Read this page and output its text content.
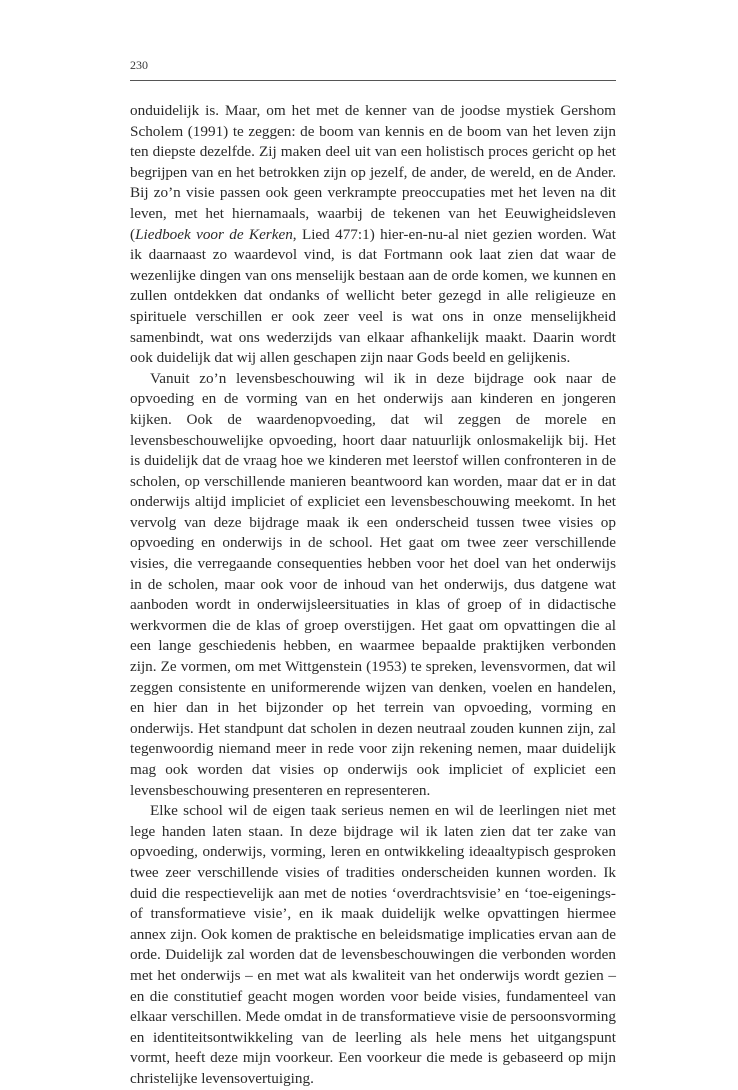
230

onduidelijk is. Maar, om het met de kenner van de joodse mystiek Gershom Scholem (1991) te zeggen: de boom van kennis en de boom van het leven zijn ten diepste dezelfde. Zij maken deel uit van een holistisch proces gericht op het begrijpen van en het betrokken zijn op jezelf, de ander, de wereld, en de Ander. Bij zo’n visie passen ook geen verkrampte preoccupaties met het leven na dit leven, met het hiernamaals, waarbij de tekenen van het Eeuwigheidsleven (Liedboek voor de Kerken, Lied 477:1) hier-en-nu-al niet gezien worden. Wat ik daarnaast zo waardevol vind, is dat Fortmann ook laat zien dat waar de wezenlijke dingen van ons menselijk bestaan aan de orde komen, we kunnen en zullen ontdekken dat ondanks of wellicht beter gezegd in alle religieuze en spirituele verschillen er ook zeer veel is wat ons in onze menselijkheid samenbindt, wat ons wederzijds van elkaar afhankelijk maakt. Daarin wordt ook duidelijk dat wij allen geschapen zijn naar Gods beeld en gelijkenis.

Vanuit zo’n levensbeschouwing wil ik in deze bijdrage ook naar de opvoeding en de vorming van en het onderwijs aan kinderen en jongeren kijken. Ook de waardenopvoeding, dat wil zeggen de morele en levensbeschouwelijke opvoeding, hoort daar natuurlijk onlosmakelijk bij. Het is duidelijk dat de vraag hoe we kinderen met leerstof willen confronteren in de scholen, op verschillende manieren beantwoord kan worden, maar dat er in dat onderwijs altijd impliciet of expliciet een levensbeschouwing meekomt. In het vervolg van deze bijdrage maak ik een onderscheid tussen twee visies op opvoeding en onderwijs in de school. Het gaat om twee zeer verschillende visies, die verregaande consequenties hebben voor het doel van het onderwijs in de scholen, maar ook voor de inhoud van het onderwijs, dus datgene wat aanboden wordt in onderwijsleersituaties in klas of groep of in didactische werkvormen die de klas of groep overstijgen. Het gaat om opvattingen die al een lange geschiedenis hebben, en waarmee bepaalde praktijken verbonden zijn. Ze vormen, om met Wittgenstein (1953) te spreken, levensvormen, dat wil zeggen consistente en uniformerende wijzen van denken, voelen en handelen, en hier dan in het bijzonder op het terrein van opvoeding, vorming en onderwijs. Het standpunt dat scholen in dezen neutraal zouden kunnen zijn, zal tegenwoordig niemand meer in rede voor zijn rekening nemen, maar duidelijk mag ook worden dat visies op onderwijs ook impliciet of expliciet een levensbeschouwing presenteren en representeren.

Elke school wil de eigen taak serieus nemen en wil de leerlingen niet met lege handen laten staan. In deze bijdrage wil ik laten zien dat ter zake van opvoeding, onderwijs, vorming, leren en ontwikkeling ideaaltypisch gesproken twee zeer verschillende visies of tradities onderscheiden kunnen worden. Ik duid die respectievelijk aan met de noties ‘overdrachtsvisie’ en ‘toe-eigenings- of transformatieve visie’, en ik maak duidelijk welke opvattingen hiermee annex zijn. Ook komen de praktische en beleidsmatige implicaties ervan aan de orde. Duidelijk zal worden dat de levensbeschouwingen die verbonden worden met het onderwijs – en met wat als kwaliteit van het onderwijs wordt gezien – en die constitutief geacht mogen worden voor beide visies, fundamenteel van elkaar verschillen. Mede omdat in de transformatieve visie de persoonsvorming en identiteitsontwikkeling van de leerling als hele mens het uitgangspunt vormt, heeft deze mijn voorkeur. Een voorkeur die mede is gebaseerd op mijn christelijke levensovertuiging.
